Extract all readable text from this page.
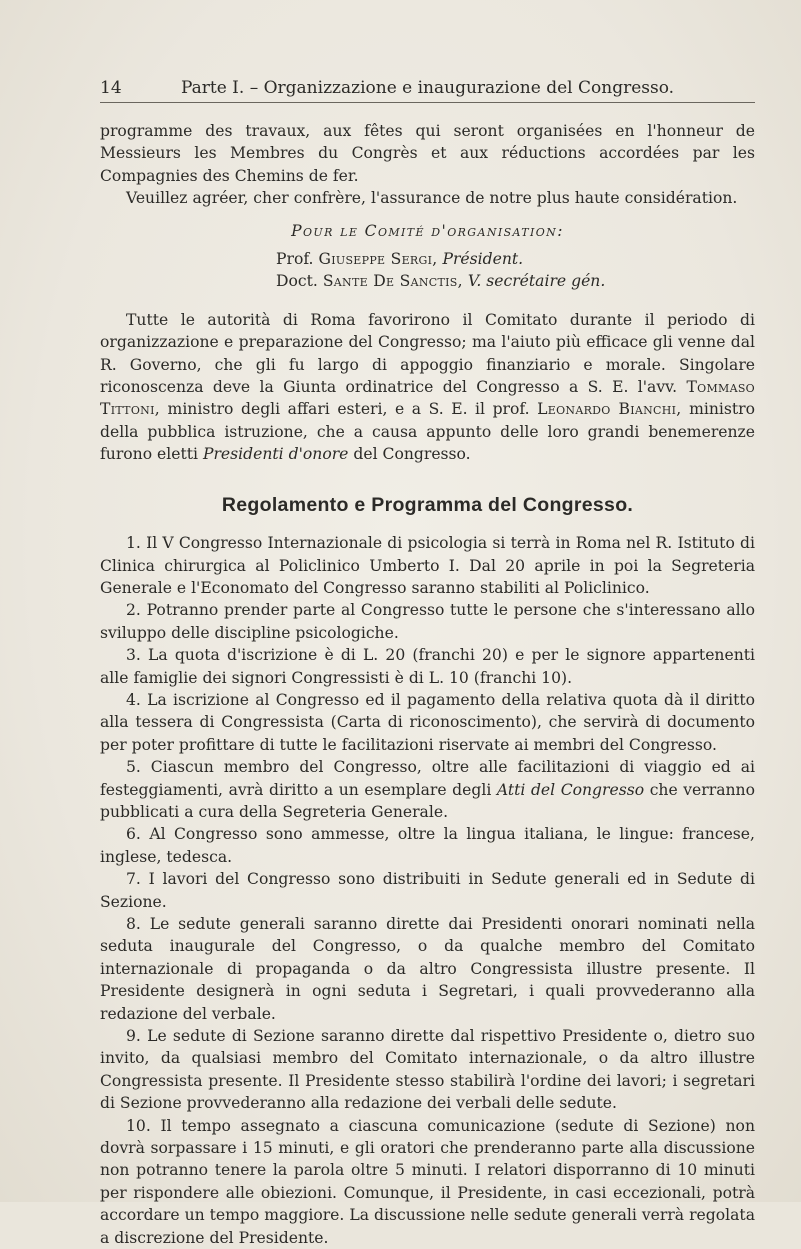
14	Parte I. – Organizzazione e inaugurazione del Congresso.

programme des travaux, aux fêtes qui seront organisées en l'honneur de Messieurs les Membres du Congrès et aux réductions accordées par les Compagnies des Chemins de fer.

Veuillez agréer, cher confrère, l'assurance de notre plus haute considération.

Pour le Comité d'organisation:

Prof. Giuseppe Sergi, Président.

Doct. Sante De Sanctis, V. secrétaire gén.

Tutte le autorità di Roma favorirono il Comitato durante il periodo di organizzazione e preparazione del Congresso; ma l'aiuto più efficace gli venne dal R. Governo, che gli fu largo di appoggio finanziario e morale. Singolare riconoscenza deve la Giunta ordinatrice del Congresso a S. E. l'avv. Tommaso Tittoni, ministro degli affari esteri, e a S. E. il prof. Leonardo Bianchi, ministro della pubblica istruzione, che a causa appunto delle loro grandi benemerenze furono eletti Presidenti d'onore del Congresso.

Regolamento e Programma del Congresso.

1. Il V Congresso Internazionale di psicologia si terrà in Roma nel R. Istituto di Clinica chirurgica al Policlinico Umberto I. Dal 20 aprile in poi la Segreteria Generale e l'Economato del Congresso saranno stabiliti al Policlinico.

2. Potranno prender parte al Congresso tutte le persone che s'interessano allo sviluppo delle discipline psicologiche.

3. La quota d'iscrizione è di L. 20 (franchi 20) e per le signore appartenenti alle famiglie dei signori Congressisti è di L. 10 (franchi 10).

4. La iscrizione al Congresso ed il pagamento della relativa quota dà il diritto alla tessera di Congressista (Carta di riconoscimento), che servirà di documento per poter profittare di tutte le facilitazioni riservate ai membri del Congresso.

5. Ciascun membro del Congresso, oltre alle facilitazioni di viaggio ed ai festeggiamenti, avrà diritto a un esemplare degli Atti del Congresso che verranno pubblicati a cura della Segreteria Generale.

6. Al Congresso sono ammesse, oltre la lingua italiana, le lingue: francese, inglese, tedesca.

7. I lavori del Congresso sono distribuiti in Sedute generali ed in Sedute di Sezione.

8. Le sedute generali saranno dirette dai Presidenti onorari nominati nella seduta inaugurale del Congresso, o da qualche membro del Comitato internazionale di propaganda o da altro Congressista illustre presente. Il Presidente designerà in ogni seduta i Segretari, i quali provvederanno alla redazione del verbale.

9. Le sedute di Sezione saranno dirette dal rispettivo Presidente o, dietro suo invito, da qualsiasi membro del Comitato internazionale, o da altro illustre Congressista presente. Il Presidente stesso stabilirà l'ordine dei lavori; i segretari di Sezione provvederanno alla redazione dei verbali delle sedute.

10. Il tempo assegnato a ciascuna comunicazione (sedute di Sezione) non dovrà sorpassare i 15 minuti, e gli oratori che prenderanno parte alla discussione non potranno tenere la parola oltre 5 minuti. I relatori disporranno di 10 minuti per rispondere alle obiezioni. Comunque, il Presidente, in casi eccezionali, potrà accordare un tempo maggiore. La discussione nelle sedute generali verrà regolata a discrezione del Presidente.
